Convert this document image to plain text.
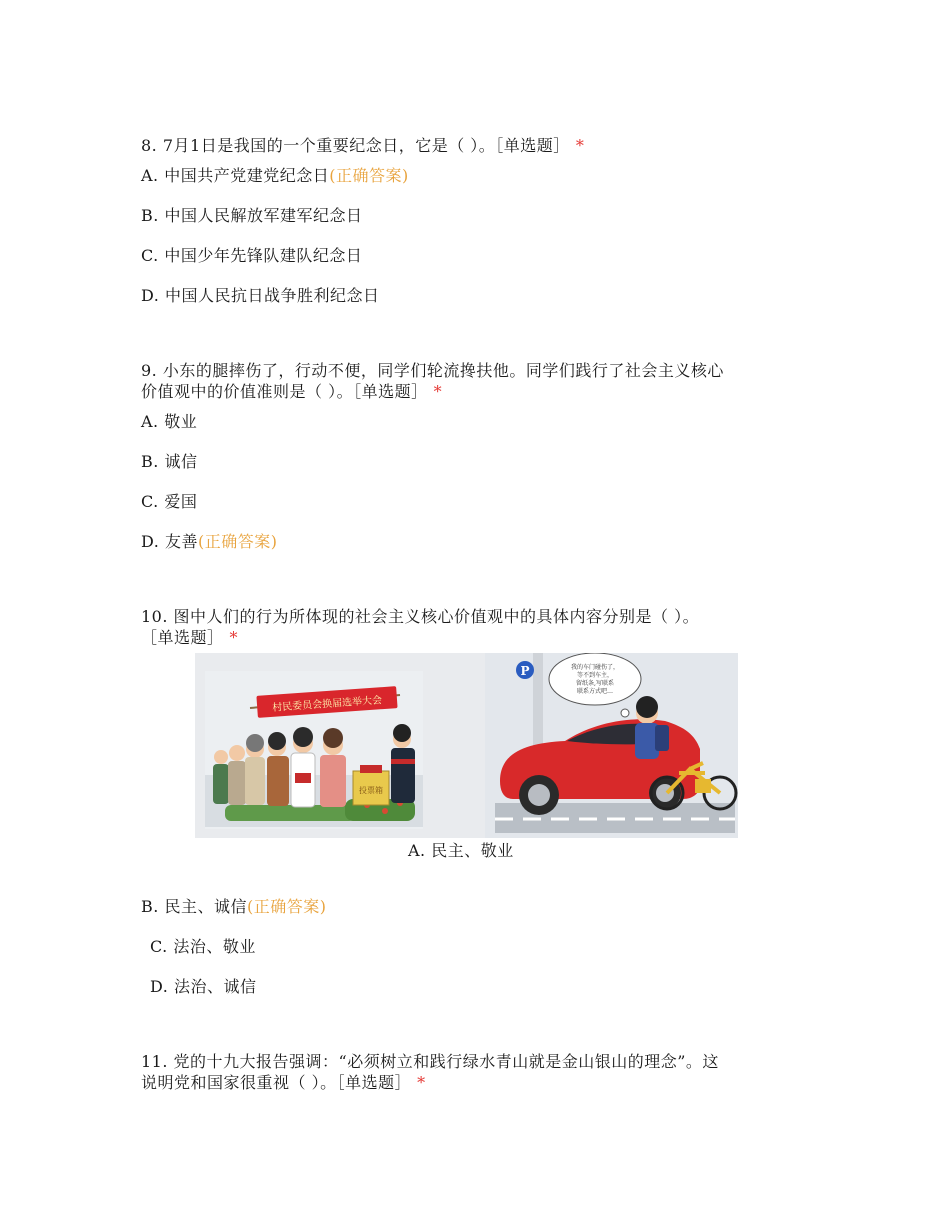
8. 7月1日是我国的一个重要纪念日，它是（ ）。［单选题］ *
A. 中国共产党建党纪念日(正确答案)
B. 中国人民解放军建军纪念日
C. 中国少年先锋队建队纪念日
D. 中国人民抗日战争胜利纪念日
9. 小东的腿摔伤了，行动不便，同学们轮流搀扶他。同学们践行了社会主义核心
价值观中的价值准则是（ ）。［单选题］ *
A. 敬业
B. 诚信
C. 爱国
D. 友善(正确答案)
10. 图中人们的行为所体现的社会主义核心价值观中的具体内容分别是（ ）。
［单选题］ *
村民委员会换届选举大会
投票箱
P	我的车门碰伤了，
等不到车主，
留纸条,写联系
联系方式吧…
A. 民主、敬业
B. 民主、诚信(正确答案)
C. 法治、敬业
D. 法治、诚信
11. 党的十九大报告强调：“必须树立和践行绿水青山就是金山银山的理念”。这
说明党和国家很重视（ ）。［单选题］ *
